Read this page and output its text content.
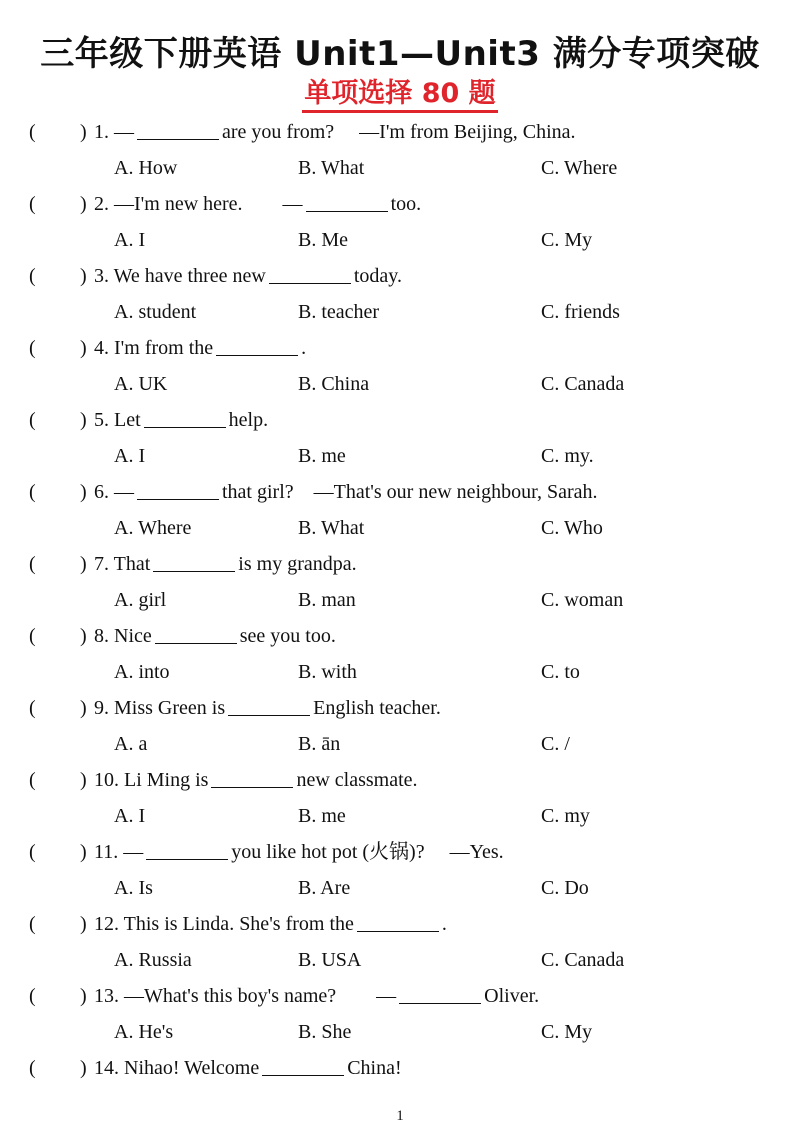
三年级下册英语 Unit1—Unit3 满分专项突破
单项选择 80 题
( ) 1. —	are you from?　 —I'm from Beijing, China.
A. How	B. What	C. Where
( ) 2. —I'm new here.　　—	too.
A. I	B. Me	C. My
( ) 3. We have three new	today.
A. student	B. teacher	C. friends
( ) 4. I'm from the	.
A. UK	B. China	C. Canada
( ) 5. Let	help.
A. I	B. me	C. my.
( ) 6. —	that girl?　—That's our new neighbour, Sarah.
A. Where	B. What	C. Who
( ) 7. That	is my grandpa.
A. girl	B. man	C. woman
( ) 8. Nice	see you too.
A. into	B. with	C. to
( ) 9. Miss Green is	English teacher.
A. a	B. ān	C. /
( ) 10. Li Ming is	new classmate.
A. I	B. me	C. my
( ) 11. —	you like hot pot (火锅)?　 —Yes.
A. Is	B. Are	C. Do
( ) 12. This is Linda. She's from the	.
A. Russia	B. USA	C. Canada
( ) 13. —What's this boy's name?　　—	Oliver.
A. He's	B. She	C. My
( ) 14. Nihao! Welcome	China!
1
